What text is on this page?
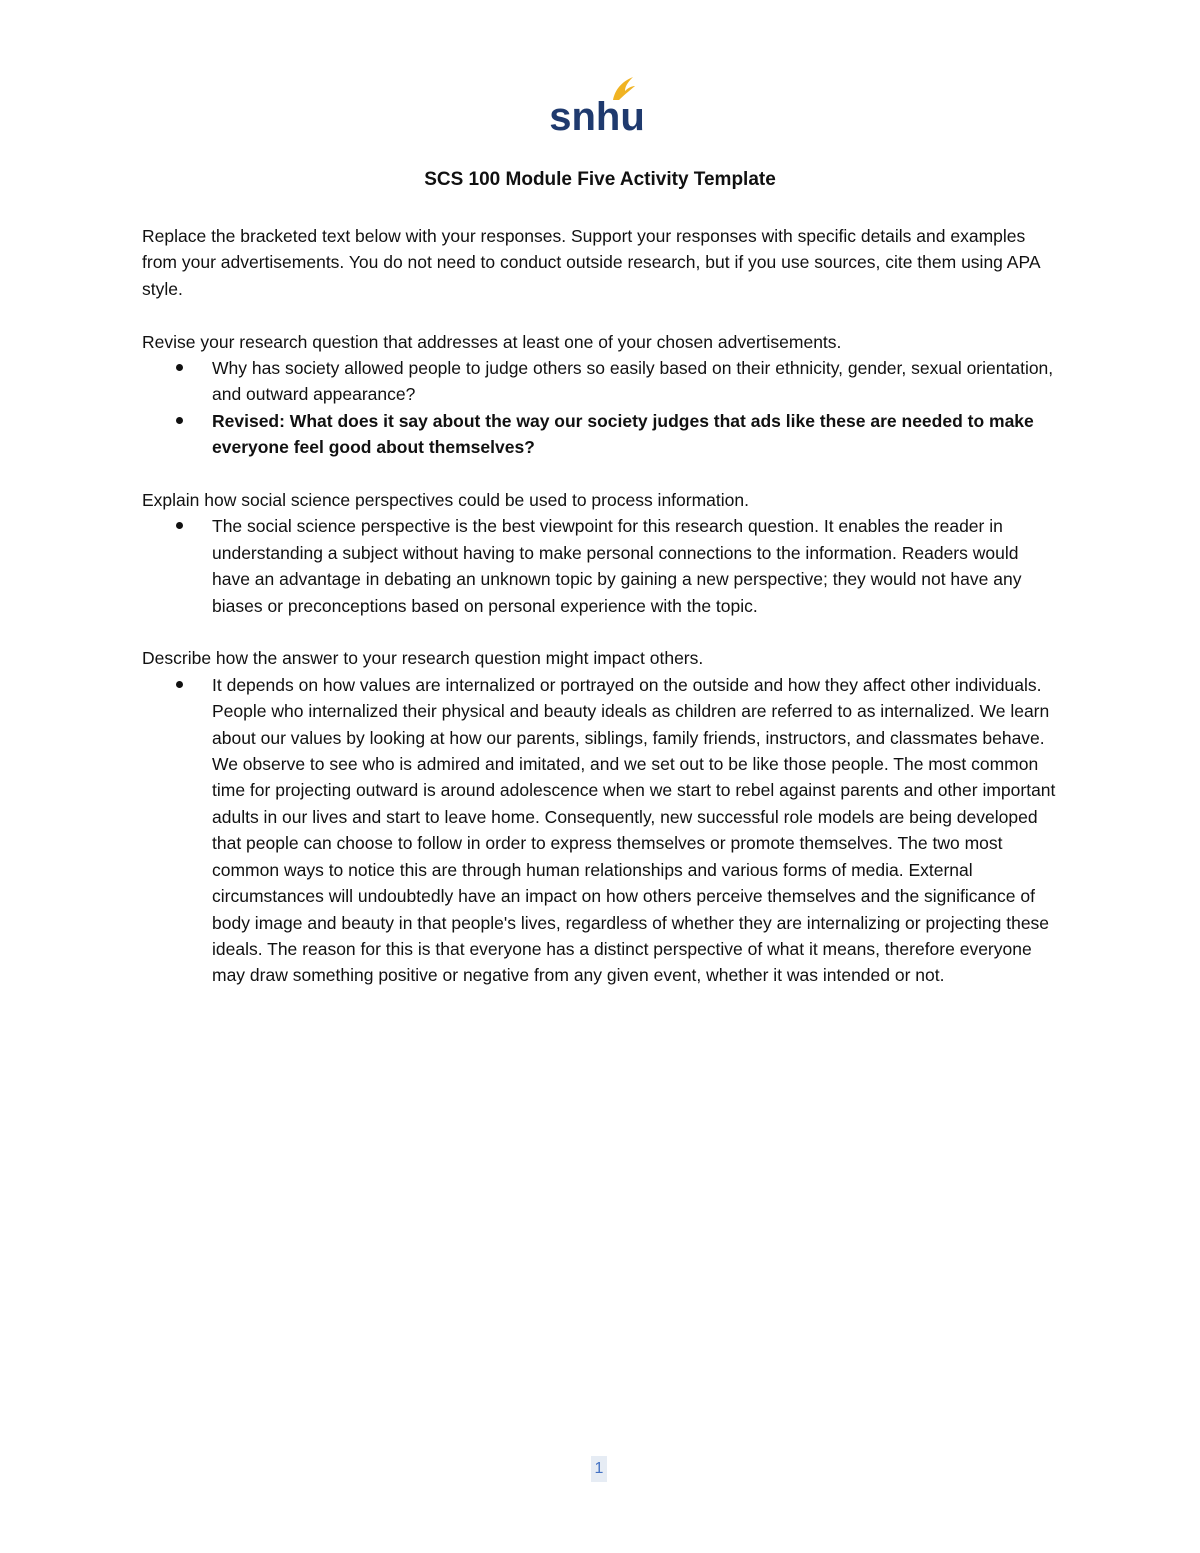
snhu
SCS 100 Module Five Activity Template

Replace the bracketed text below with your responses. Support your responses with specific details and examples from your advertisements. You do not need to conduct outside research, but if you use sources, cite them using APA style.

Revise your research question that addresses at least one of your chosen advertisements.

Why has society allowed people to judge others so easily based on their ethnicity, gender, sexual orientation, and outward appearance?
Revised: What does it say about the way our society judges that ads like these are needed to make everyone feel good about themselves?

Explain how social science perspectives could be used to process information.

The social science perspective is the best viewpoint for this research question. It enables the reader in understanding a subject without having to make personal connections to the information. Readers would have an advantage in debating an unknown topic by gaining a new perspective; they would not have any biases or preconceptions based on personal experience with the topic.

Describe how the answer to your research question might impact others.

It depends on how values are internalized or portrayed on the outside and how they affect other individuals. People who internalized their physical and beauty ideals as children are referred to as internalized. We learn about our values by looking at how our parents, siblings, family friends, instructors, and classmates behave. We observe to see who is admired and imitated, and we set out to be like those people. The most common time for projecting outward is around adolescence when we start to rebel against parents and other important adults in our lives and start to leave home. Consequently, new successful role models are being developed that people can choose to follow in order to express themselves or promote themselves. The two most common ways to notice this are through human relationships and various forms of media. External circumstances will undoubtedly have an impact on how others perceive themselves and the significance of body image and beauty in that people's lives, regardless of whether they are internalizing or projecting these ideals. The reason for this is that everyone has a distinct perspective of what it means, therefore everyone may draw something positive or negative from any given event, whether it was intended or not.
1
